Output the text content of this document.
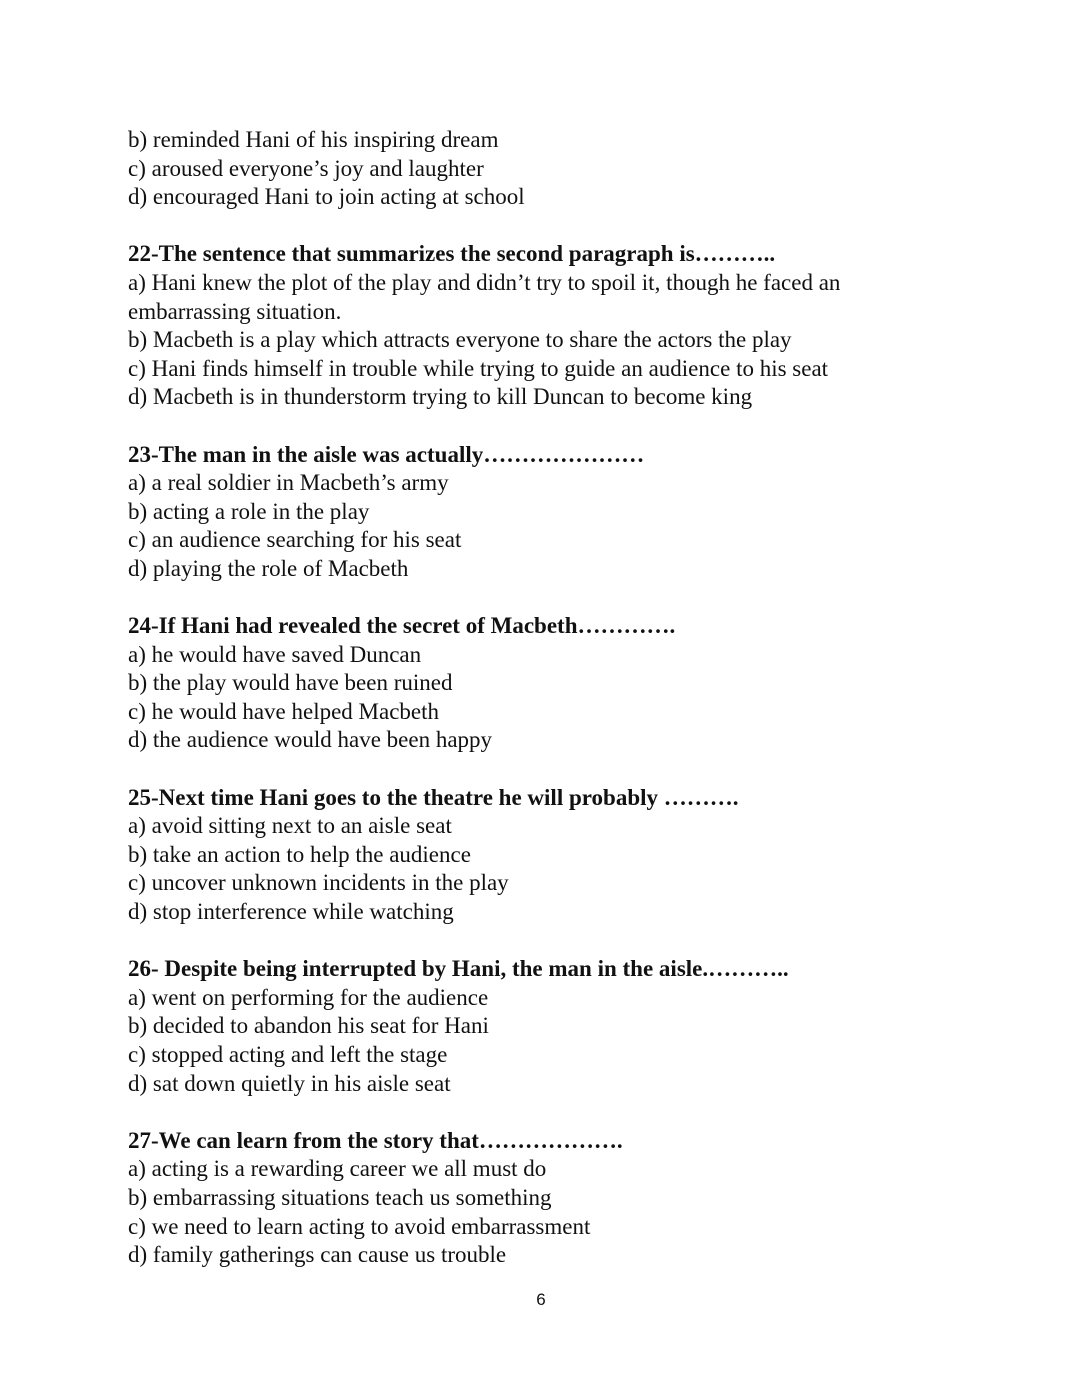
b) reminded Hani of his inspiring dream
c) aroused everyone’s joy and laughter
d) encouraged Hani to join acting at school
22-The sentence that summarizes the second paragraph is………..
a) Hani knew the plot of the play and didn’t try to spoil it, though he faced an embarrassing situation.
b) Macbeth is a play which attracts everyone to share the actors the play
c) Hani finds himself in trouble while trying to guide an audience to his seat
d) Macbeth is in thunderstorm trying to kill Duncan to become king
23-The man in the aisle was actually…………………
a) a real soldier in Macbeth’s army
b) acting a role in the play
c) an audience searching for his seat
d) playing the role of Macbeth
24-If Hani had revealed the secret of Macbeth………….
a) he would have saved Duncan
b) the play would have been ruined
c) he would have helped Macbeth
d) the audience would have been happy
25-Next time Hani goes to the theatre he will probably ……….
a) avoid sitting next to an aisle seat
b) take an action to help the audience
c) uncover unknown incidents in the play
d) stop interference while watching
26- Despite being interrupted by Hani, the man in the aisle.………..
a) went on performing for the audience
b) decided to abandon his seat for Hani
c) stopped acting and left the stage
d) sat down quietly in his aisle seat
27-We can learn from the story that……………….
a) acting is a rewarding career we all must do
b) embarrassing situations teach us something
c) we need to learn acting to avoid embarrassment
d) family gatherings can cause us trouble
6
